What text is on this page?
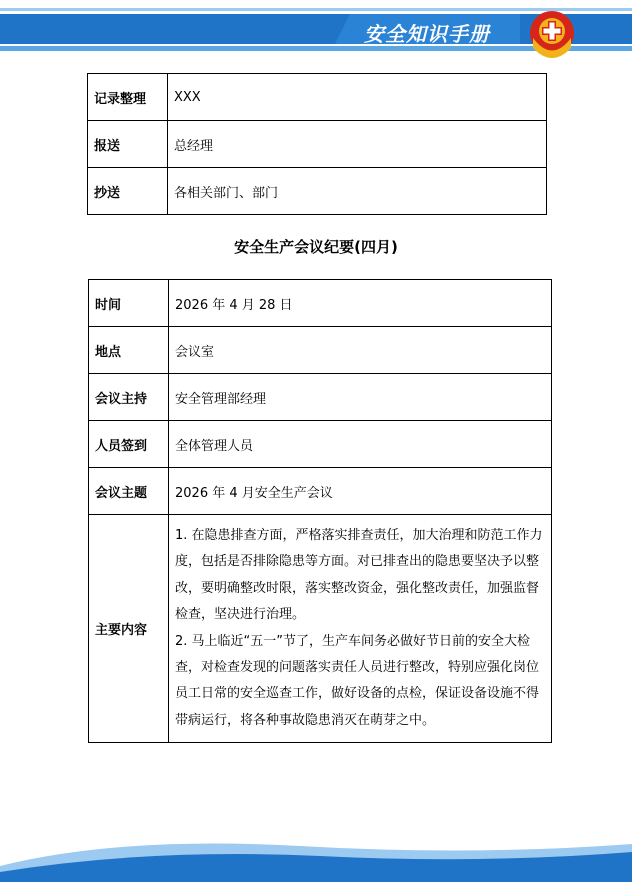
安全知识手册
记录整理	XXX
报送	总经理
抄送	各相关部门、部门
安全生产会议纪要(四月)
时间	2026 年 4 月 28 日
地点	会议室
会议主持	安全管理部经理
人员签到	全体管理人员
会议主题	2026 年 4 月安全生产会议
主要内容	1. 在隐患排查方面，严格落实排查责任，加大治理和防范工作力度，包括是否排除隐患等方面。对已排查出的隐患要坚决予以整改，要明确整改时限，落实整改资金，强化整改责任，加强监督检查，坚决进行治理。

2. 马上临近“五一”节了，生产车间务必做好节日前的安全大检查，对检查发现的问题落实责任人员进行整改，特别应强化岗位员工日常的安全巡查工作，做好设备的点检，保证设备设施不得带病运行，将各种事故隐患消灭在萌芽之中。
